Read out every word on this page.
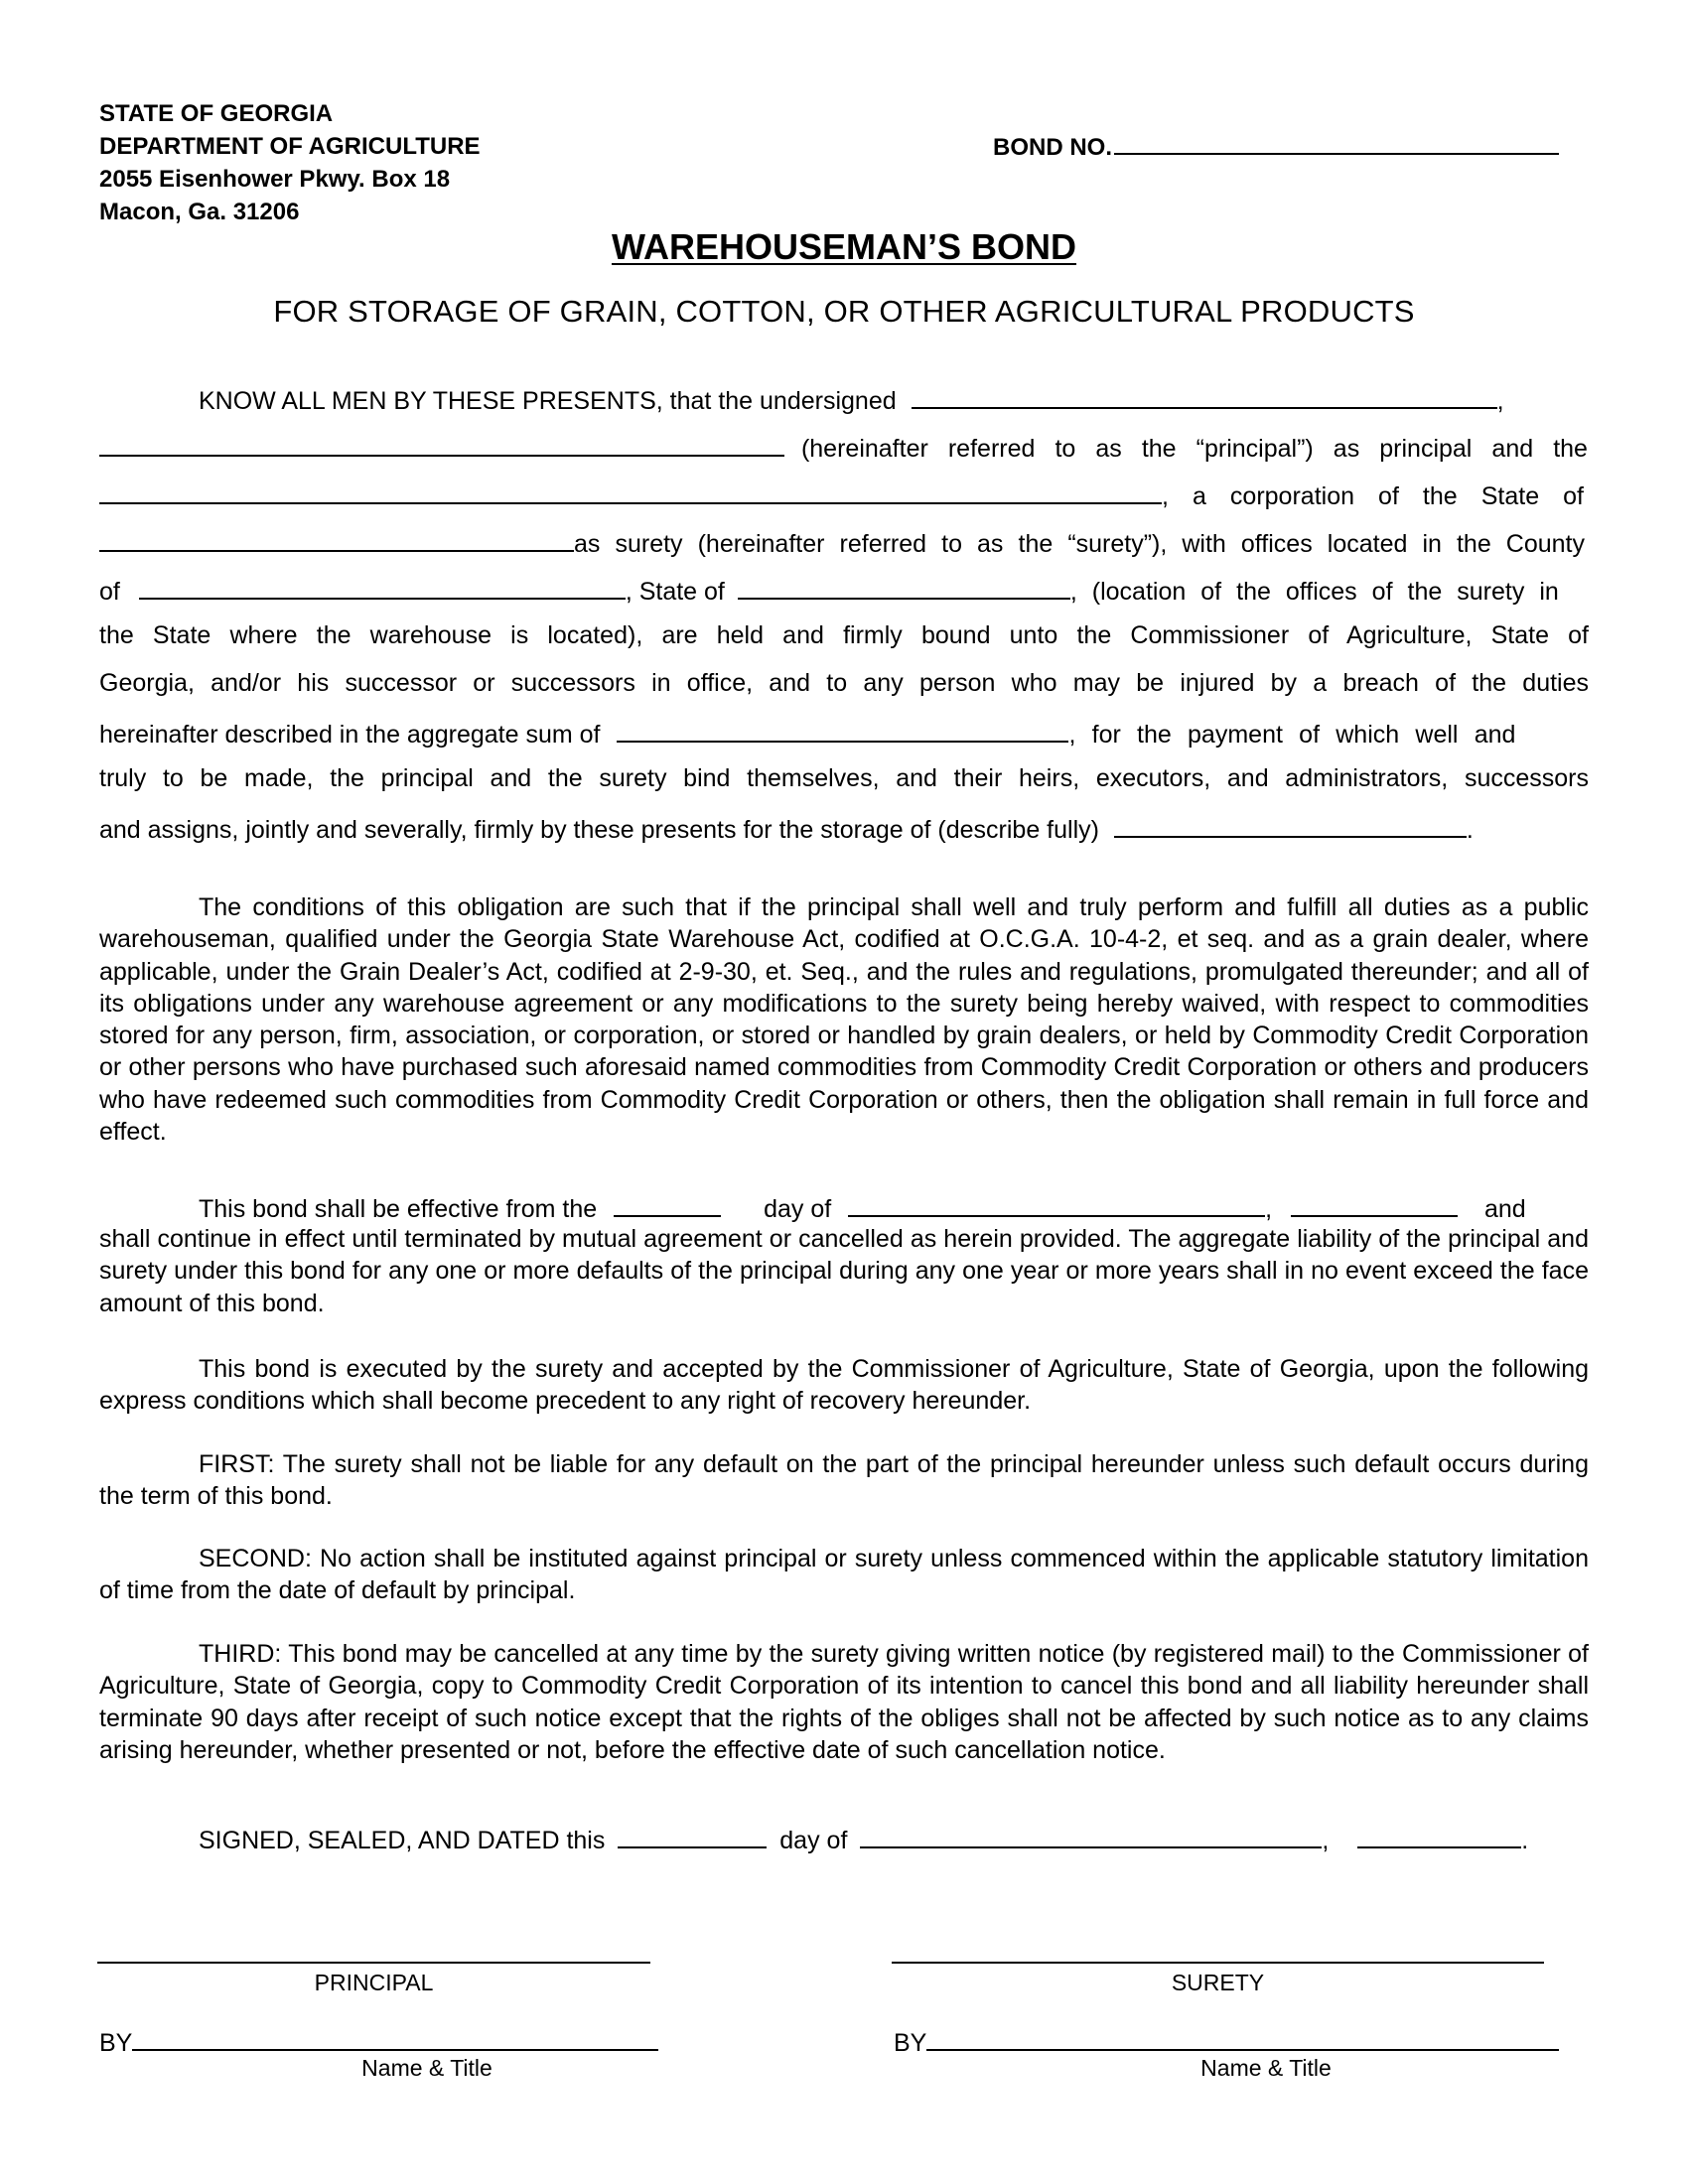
STATE OF GEORGIA
DEPARTMENT OF AGRICULTURE
2055 Eisenhower Pkwy. Box 18
Macon, Ga. 31206
BOND NO.
WAREHOUSEMAN’S BOND
FOR STORAGE OF GRAIN, COTTON, OR OTHER AGRICULTURAL PRODUCTS
KNOW ALL MEN BY THESE PRESENTS, that the undersigned	,
(hereinafter referred to as the “principal”) as principal and the
, a corporation of the State of
as surety (hereinafter referred to as the “surety”), with offices located in the County
of	, State of	, (location of the offices of the surety in
the State where the warehouse is located), are held and firmly bound unto the Commissioner of Agriculture, State of
Georgia, and/or his successor or successors in office, and to any person who may be injured by a breach of the duties
hereinafter described in the aggregate sum of	, for the payment of which well and
truly to be made, the principal and the surety bind themselves, and their heirs, executors, and administrators, successors
and assigns, jointly and severally, firmly by these presents for the storage of (describe fully)	.
The conditions of this obligation are such that if the principal shall well and truly perform and fulfill all duties as a public warehouseman, qualified under the Georgia State Warehouse Act, codified at O.C.G.A. 10-4-2, et seq. and as a grain dealer, where applicable, under the Grain Dealer’s Act, codified at 2-9-30, et. Seq., and the rules and regulations, promulgated thereunder; and all of its obligations under any warehouse agreement or any modifications to the surety being hereby waived, with respect to commodities stored for any person, firm, association, or corporation, or stored or handled by grain dealers, or held by Commodity Credit Corporation or other persons who have purchased such aforesaid named commodities from Commodity Credit Corporation or others and producers who have redeemed such commodities from Commodity Credit Corporation or others, then the obligation shall remain in full force and effect.
This bond shall be effective from the	day of	,	and
shall continue in effect until terminated by mutual agreement or cancelled as herein provided. The aggregate liability of the principal and surety under this bond for any one or more defaults of the principal during any one year or more years shall in no event exceed the face amount of this bond.
This bond is executed by the surety and accepted by the Commissioner of Agriculture, State of Georgia, upon the following express conditions which shall become precedent to any right of recovery hereunder.
FIRST: The surety shall not be liable for any default on the part of the principal hereunder unless such default occurs during the term of this bond.
SECOND: No action shall be instituted against principal or surety unless commenced within the applicable statutory limitation of time from the date of default by principal.
THIRD: This bond may be cancelled at any time by the surety giving written notice (by registered mail) to the Commissioner of Agriculture, State of Georgia, copy to Commodity Credit Corporation of its intention to cancel this bond and all liability hereunder shall terminate 90 days after receipt of such notice except that the rights of the obliges shall not be affected by such notice as to any claims arising hereunder, whether presented or not, before the effective date of such cancellation notice.
SIGNED, SEALED, AND DATED this	day of	,	.
PRINCIPAL	SURETY
BY
Name & Title
BY
Name & Title
